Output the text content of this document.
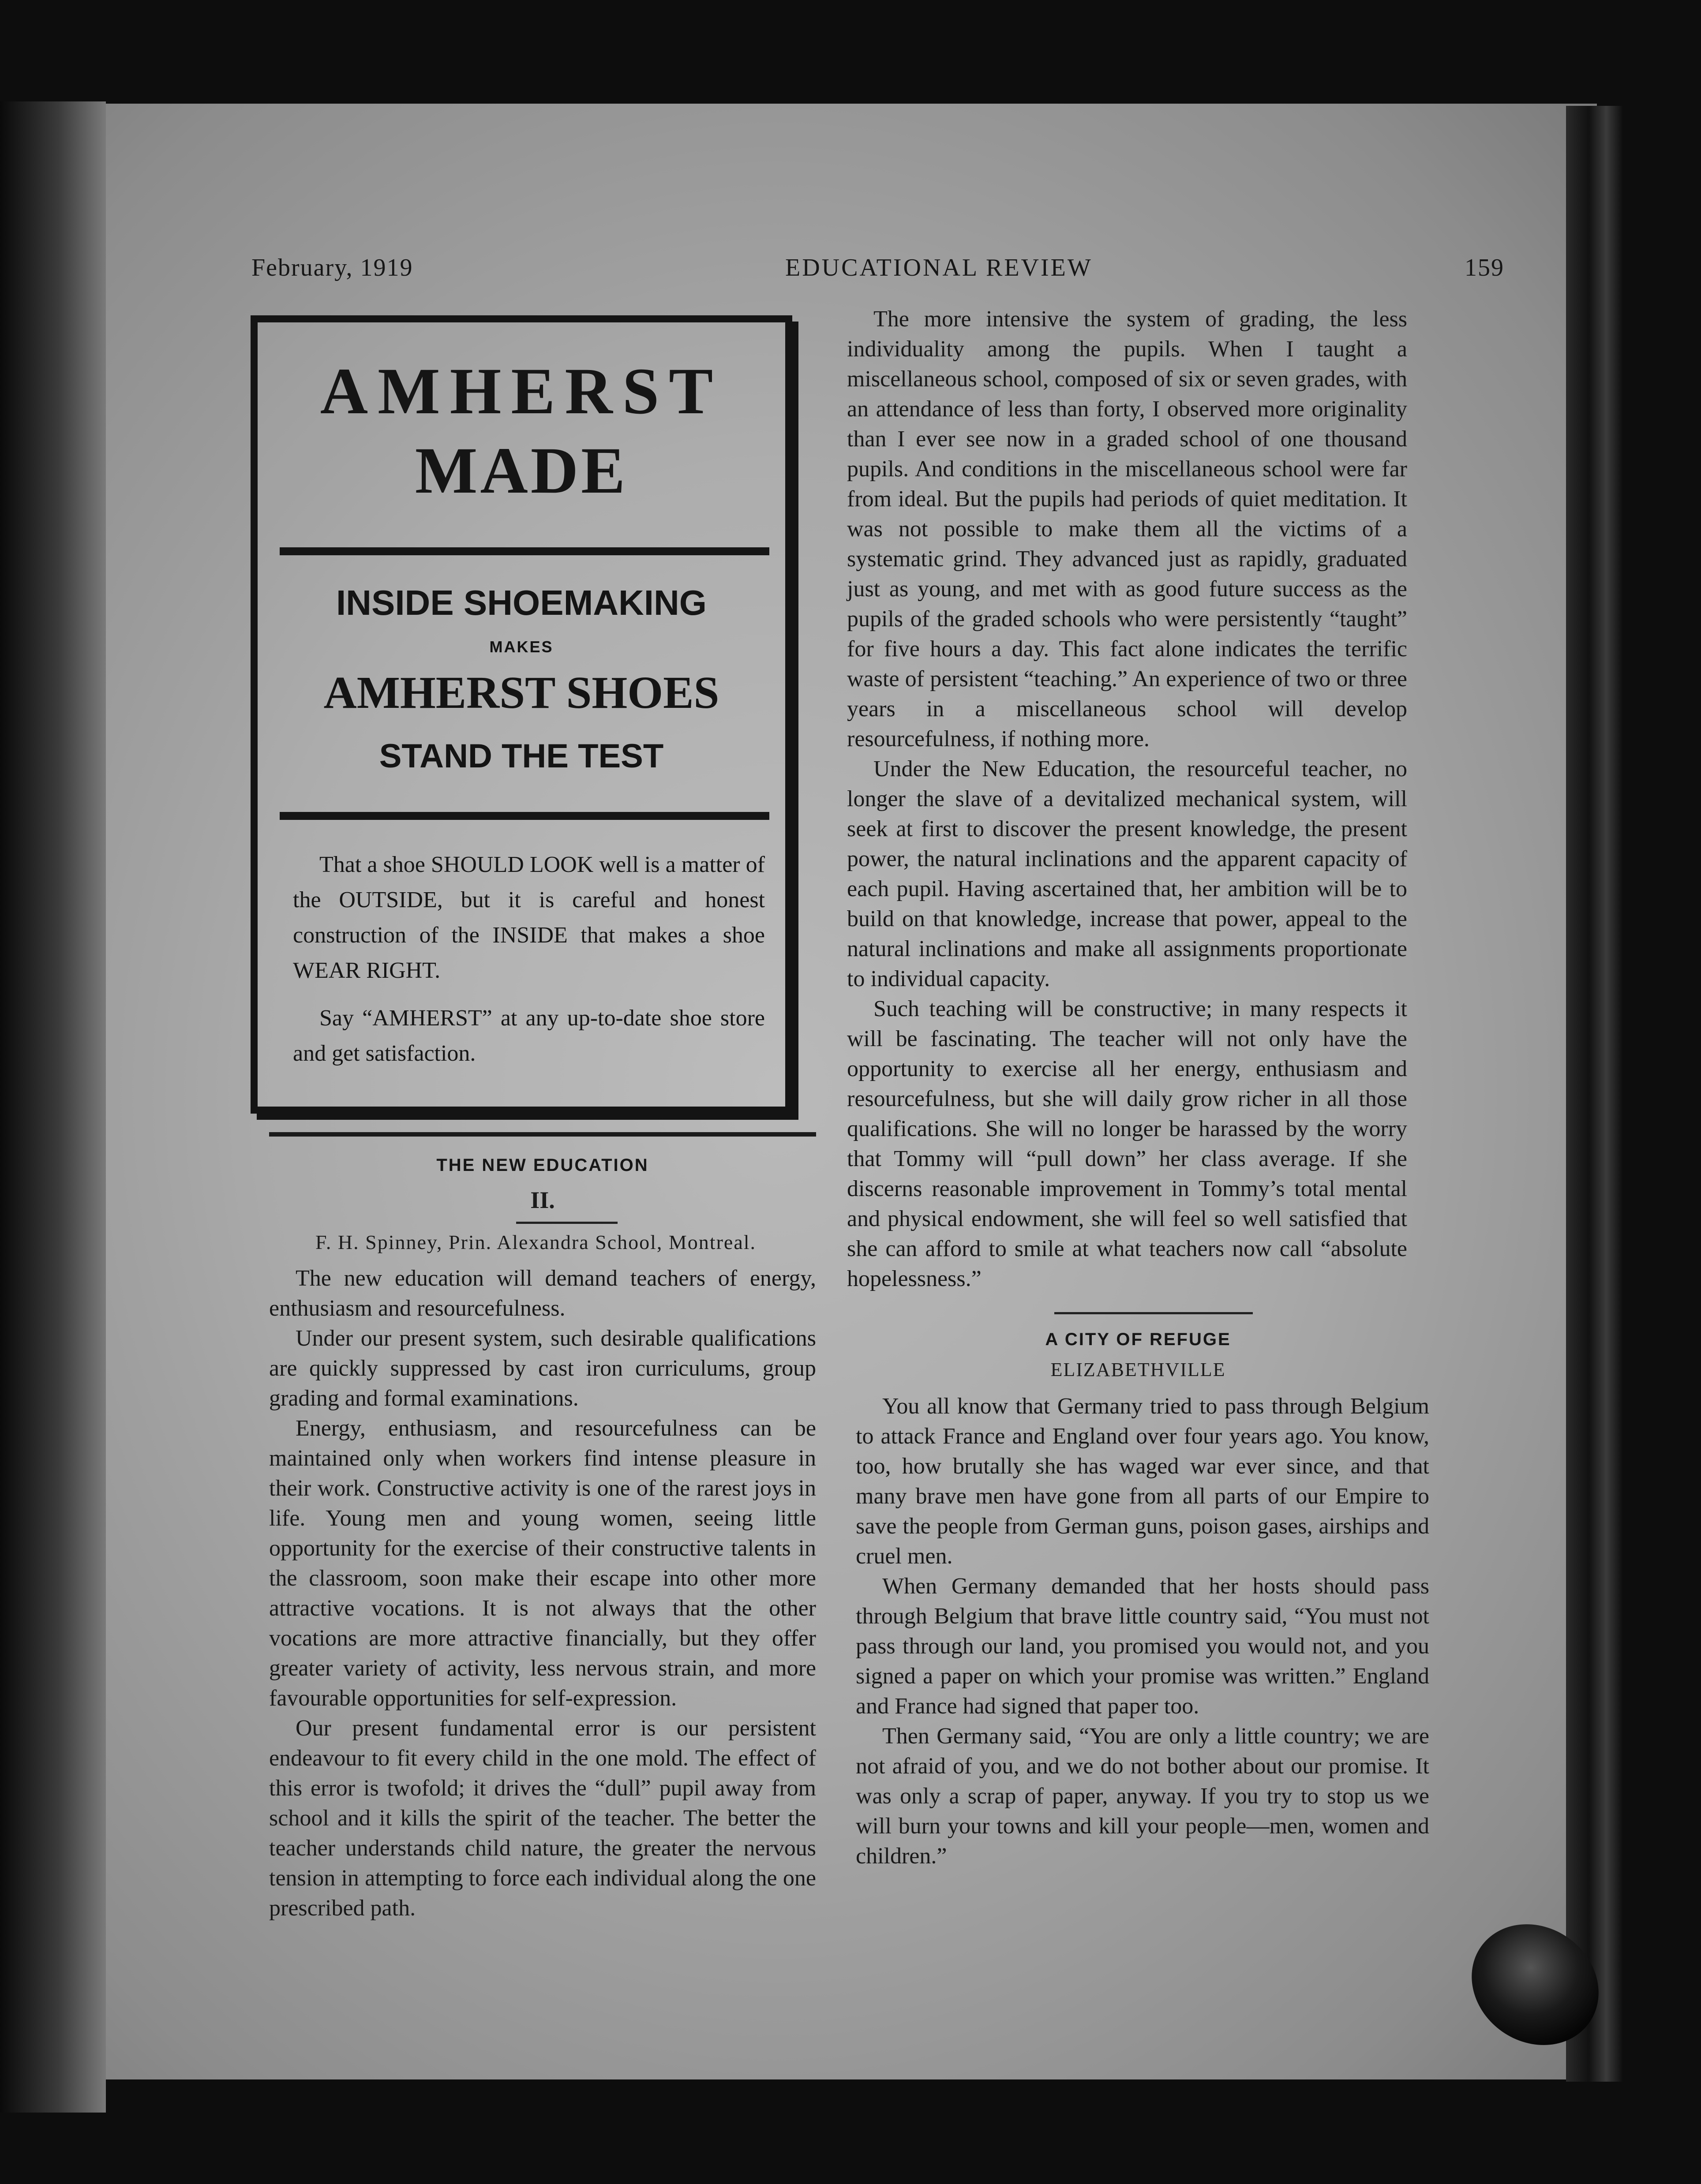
February, 1919	EDUCATIONAL REVIEW	159
AMHERST
MADE
INSIDE SHOEMAKING
MAKES
AMHERST SHOES
STAND THE TEST

That a shoe SHOULD LOOK well is a matter of the OUTSIDE, but it is careful and honest construction of the INSIDE that makes a shoe WEAR RIGHT.

Say “AMHERST” at any up-to-date shoe store and get satisfaction.

THE NEW EDUCATION
II.
F. H. Spinney, Prin. Alexandra School, Montreal.

The new education will demand teachers of energy, enthusiasm and resourcefulness.

Under our present system, such desirable qualifications are quickly suppressed by cast iron curriculums, group grading and formal examinations.

Energy, enthusiasm, and resourcefulness can be maintained only when workers find intense pleasure in their work. Constructive activity is one of the rarest joys in life. Young men and young women, seeing little opportunity for the exercise of their constructive talents in the classroom, soon make their escape into other more attractive vocations. It is not always that the other vocations are more attractive financially, but they offer greater variety of activity, less nervous strain, and more favourable opportunities for self-expression.

Our present fundamental error is our persistent endeavour to fit every child in the one mold. The effect of this error is twofold; it drives the “dull” pupil away from school and it kills the spirit of the teacher. The better the teacher understands child nature, the greater the nervous tension in attempting to force each individual along the one prescribed path.

The more intensive the system of grading, the less individuality among the pupils. When I taught a miscellaneous school, composed of six or seven grades, with an attendance of less than forty, I observed more originality than I ever see now in a graded school of one thousand pupils. And conditions in the miscellaneous school were far from ideal. But the pupils had periods of quiet meditation. It was not possible to make them all the victims of a systematic grind. They advanced just as rapidly, graduated just as young, and met with as good future success as the pupils of the graded schools who were persistently “taught” for five hours a day. This fact alone indicates the terrific waste of persistent “teaching.” An experience of two or three years in a miscellaneous school will develop resourcefulness, if nothing more.

Under the New Education, the resourceful teacher, no longer the slave of a devitalized mechanical system, will seek at first to discover the present knowledge, the present power, the natural inclinations and the apparent capacity of each pupil. Having ascertained that, her ambition will be to build on that knowledge, increase that power, appeal to the natural inclinations and make all assignments proportionate to individual capacity.

Such teaching will be constructive; in many respects it will be fascinating. The teacher will not only have the opportunity to exercise all her energy, enthusiasm and resourcefulness, but she will daily grow richer in all those qualifications. She will no longer be harassed by the worry that Tommy will “pull down” her class average. If she discerns reasonable improvement in Tommy’s total mental and physical endowment, she will feel so well satisfied that she can afford to smile at what teachers now call “absolute hopelessness.”

A CITY OF REFUGE
ELIZABETHVILLE

You all know that Germany tried to pass through Belgium to attack France and England over four years ago. You know, too, how brutally she has waged war ever since, and that many brave men have gone from all parts of our Empire to save the people from German guns, poison gases, airships and cruel men.

When Germany demanded that her hosts should pass through Belgium that brave little country said, “You must not pass through our land, you promised you would not, and you signed a paper on which your promise was written.” England and France had signed that paper too.

Then Germany said, “You are only a little country; we are not afraid of you, and we do not bother about our promise. It was only a scrap of paper, anyway. If you try to stop us we will burn your towns and kill your people—men, women and children.”
